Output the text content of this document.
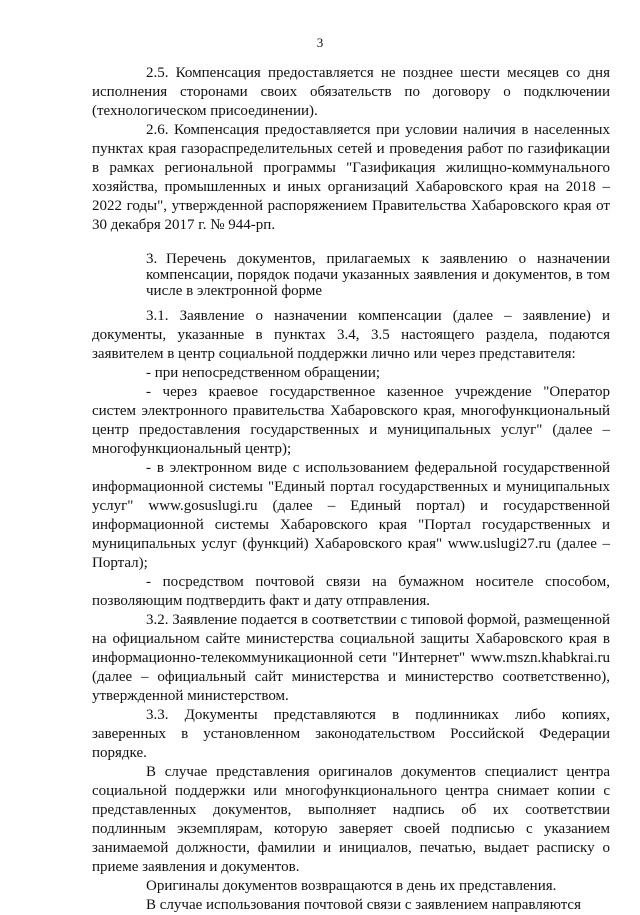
3

2.5. Компенсация предоставляется не позднее шести месяцев со дня исполнения сторонами своих обязательств по договору о подключении (технологическом присоединении).

2.6. Компенсация предоставляется при условии наличия в населенных пунктах края газораспределительных сетей и проведения работ по газификации в рамках региональной программы "Газификация жилищно-коммунального хозяйства, промышленных и иных организаций Хабаровского края на 2018 – 2022 годы", утвержденной распоряжением Правительства Хабаровского края от 30 декабря 2017 г. № 944-рп.

3. Перечень документов, прилагаемых к заявлению о назначении компенсации, порядок подачи указанных заявления и документов, в том числе в электронной форме

3.1. Заявление о назначении компенсации (далее – заявление) и документы, указанные в пунктах 3.4, 3.5 настоящего раздела, подаются заявителем в центр социальной поддержки лично или через представителя:

- при непосредственном обращении;

- через краевое государственное казенное учреждение "Оператор систем электронного правительства Хабаровского края, многофункциональный центр предоставления государственных и муниципальных услуг" (далее – многофункциональный центр);

- в электронном виде с использованием федеральной государственной информационной системы "Единый портал государственных и муниципальных услуг" www.gosuslugi.ru (далее – Единый портал) и государственной информационной системы Хабаровского края "Портал государственных и муниципальных услуг (функций) Хабаровского края" www.uslugi27.ru (далее – Портал);

- посредством почтовой связи на бумажном носителе способом, позволяющим подтвердить факт и дату отправления.

3.2. Заявление подается в соответствии с типовой формой, размещенной на официальном сайте министерства социальной защиты Хабаровского края в информационно-телекоммуникационной сети "Интернет" www.mszn.khabkrai.ru (далее – официальный сайт министерства и министерство соответственно), утвержденной министерством.

3.3. Документы представляются в подлинниках либо копиях, заверенных в установленном законодательством Российской Федерации порядке.

В случае представления оригиналов документов специалист центра социальной поддержки или многофункционального центра снимает копии с представленных документов, выполняет надпись об их соответствии подлинным экземплярам, которую заверяет своей подписью с указанием занимаемой должности, фамилии и инициалов, печатью, выдает расписку о приеме заявления и документов.

Оригиналы документов возвращаются в день их представления.

В случае использования почтовой связи с заявлением направляются
